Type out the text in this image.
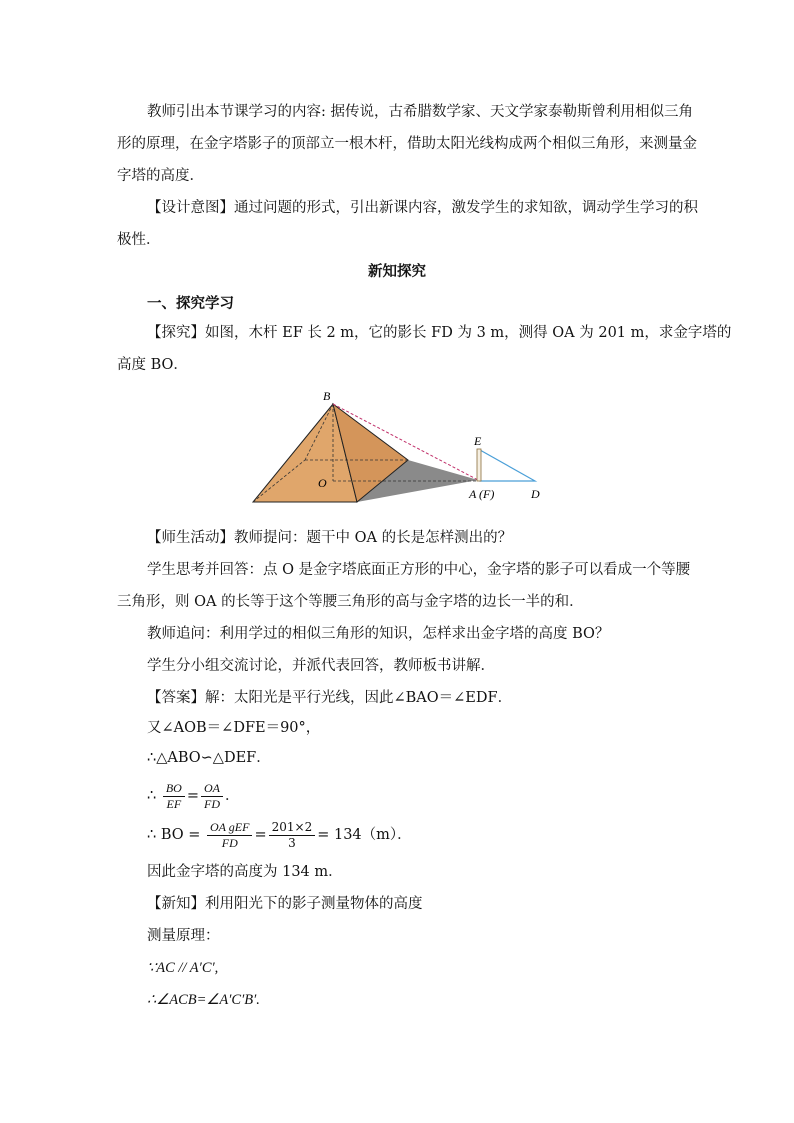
教师引出本节课学习的内容: 据传说，古希腊数学家、天文学家泰勒斯曾利用相似三角
形的原理，在金字塔影子的顶部立一根木杆，借助太阳光线构成两个相似三角形，来测量金
字塔的高度．
【设计意图】通过问题的形式，引出新课内容，激发学生的求知欲，调动学生学习的积
极性．
新知探究
一、探究学习
【探究】如图，木杆 EF 长 2 m，它的影长 FD 为 3 m，测得 OA 为 201 m，求金字塔的
高度 BO．
B
E
O
A (F)	D
【师生活动】教师提问：题干中 OA 的长是怎样测出的？
学生思考并回答：点 O 是金字塔底面正方形的中心，金字塔的影子可以看成一个等腰
三角形，则 OA 的长等于这个等腰三角形的高与金字塔的边长一半的和．
教师追问：利用学过的相似三角形的知识，怎样求出金字塔的高度 BO？
学生分小组交流讨论，并派代表回答，教师板书讲解．
【答案】解：太阳光是平行光线，因此∠BAO＝∠EDF．
又∠AOB＝∠DFE＝90°，
∴△ABO∽△DEF．
∴ $\frac{BO}{EF} = \frac{OA}{FD}$ ．
∴ BO = $\frac{\text{OA gEF}}{FD} = \frac{201\times 2}{3} = 134(m)$．
因此金字塔的高度为 134 m．
【新知】利用阳光下的影子测量物体的高度
测量原理：
∵AC // A′C′,
∴∠ACB=∠A′C′B′.
